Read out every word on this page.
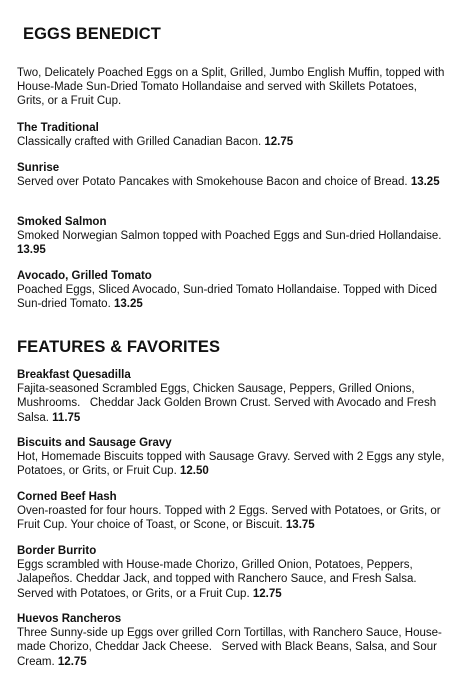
EGGS BENEDICT

Two, Delicately Poached Eggs on a Split, Grilled, Jumbo English Muffin, topped with House-Made Sun-Dried Tomato Hollandaise and served with Skillets Potatoes, Grits, or a Fruit Cup.

The Traditional
Classically crafted with Grilled Canadian Bacon. 12.75
Sunrise
Served over Potato Pancakes with Smokehouse Bacon and choice of Bread. 13.25
Smoked Salmon
Smoked Norwegian Salmon topped with Poached Eggs and Sun-dried Hollandaise. 13.95
Avocado, Grilled Tomato
Poached Eggs, Sliced Avocado, Sun-dried Tomato Hollandaise. Topped with Diced Sun-dried Tomato. 13.25
FEATURES & FAVORITES
Breakfast Quesadilla
Fajita-seasoned Scrambled Eggs, Chicken Sausage, Peppers, Grilled Onions, Mushrooms.   Cheddar Jack Golden Brown Crust. Served with Avocado and Fresh Salsa. 11.75
Biscuits and Sausage Gravy
Hot, Homemade Biscuits topped with Sausage Gravy. Served with 2 Eggs any style, Potatoes, or Grits, or Fruit Cup. 12.50
Corned Beef Hash
Oven-roasted for four hours. Topped with 2 Eggs. Served with Potatoes, or Grits, or Fruit Cup. Your choice of Toast, or Scone, or Biscuit. 13.75
Border Burrito
Eggs scrambled with House-made Chorizo, Grilled Onion, Potatoes, Peppers, Jalapeños. Cheddar Jack, and topped with Ranchero Sauce, and Fresh Salsa. Served with Potatoes, or Grits, or a Fruit Cup. 12.75
Huevos Rancheros
Three Sunny-side up Eggs over grilled Corn Tortillas, with Ranchero Sauce, House-made Chorizo, Cheddar Jack Cheese.   Served with Black Beans, Salsa, and Sour Cream. 12.75
